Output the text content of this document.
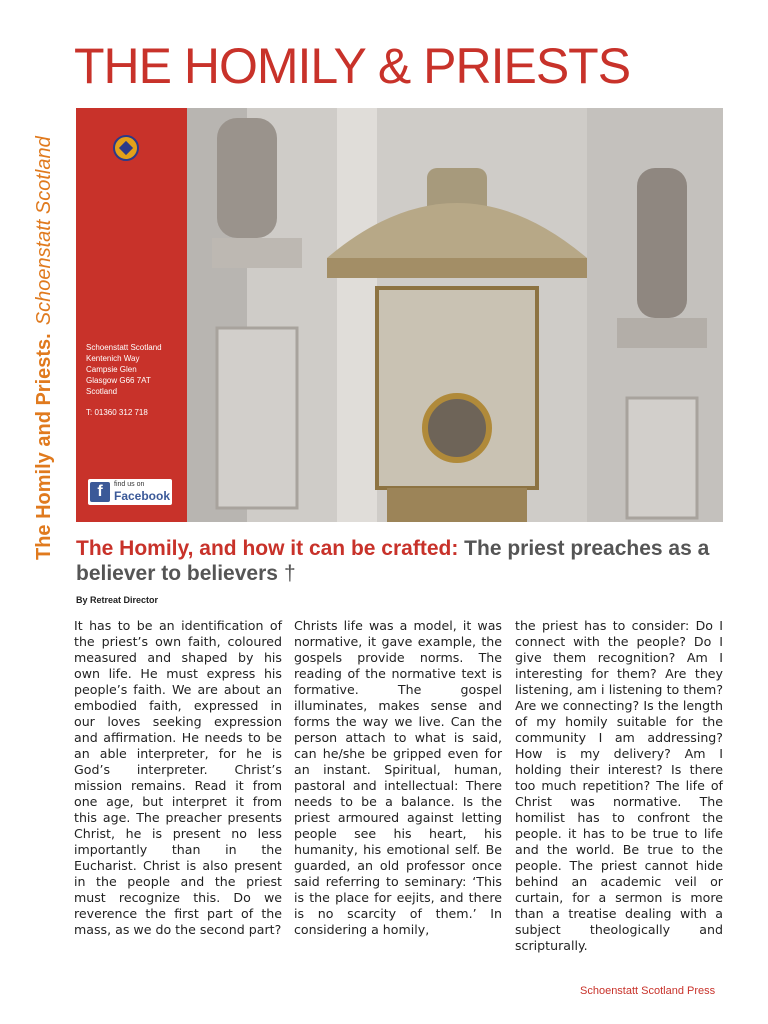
THE HOMILY & PRIESTS
The Homily and Priests.Schoenstatt Scotland
Schoenstatt Scotland
Kentenich Way
Campsie Glen
Glasgow G66 7AT
Scotland
T: 01360 312 718
f	find us on
Facebook
The Homily, and how it can be crafted: The priest preaches as a believer to believers †
By Retreat Director
It has to be an identification of the priest’s own faith, coloured measured and shaped by his own life. He must express his people’s faith. We are about an embodied faith, expressed in our loves seeking expression and affirmation. He needs to be an able interpreter, for he is God’s interpreter. Christ’s mission remains. Read it from one age, but interpret it from this age. The preacher presents Christ, he is present no less importantly than in the Eucharist. Christ is also present in the people and the priest must recognize this. Do we reverence the first part of the mass, as we do the second part?
Christs life was a model, it was normative, it gave example, the gospels provide norms. The reading of the normative text is formative. The gospel illuminates, makes sense and forms the way we live. Can the person attach to what is said, can he/she be gripped even for an instant. Spiritual, human, pastoral and intellectual: There needs to be a balance. Is the priest armoured against letting people see his heart, his humanity, his emotional self. Be guarded, an old professor once said referring to seminary: ‘This is the place for eejits, and there is no scarcity of them.’ In considering a homily,
the priest has to consider: Do I connect with the people? Do I give them recognition? Am I interesting for them? Are they listening, am i listening to them? Are we connecting? Is the length of my homily suitable for the community I am addressing? How is my delivery? Am I holding their interest? Is there too much repetition? The life of Christ was normative. The homilist has to confront the people. it has to be true to life and the world. Be true to the people. The priest cannot hide behind an academic veil or curtain, for a sermon is more than a treatise dealing with a subject theologically and scripturally.
Schoenstatt Scotland Press
